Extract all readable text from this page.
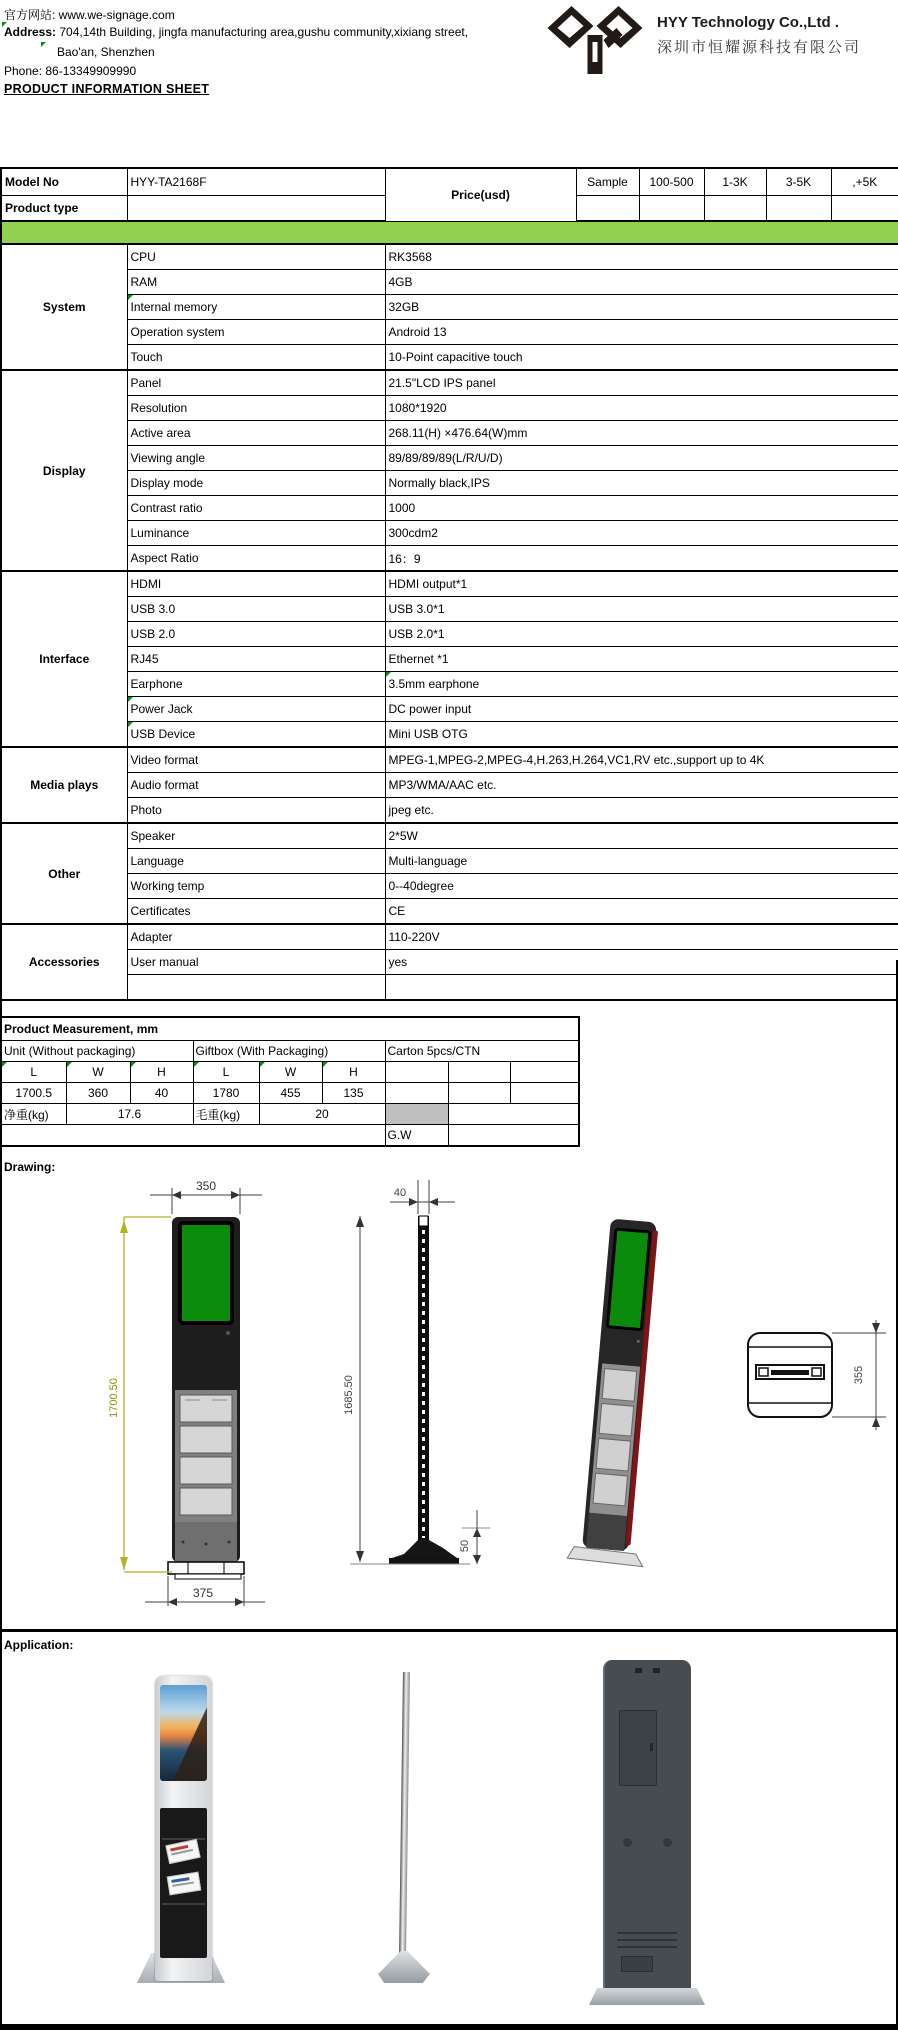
官方网站: www.we-signage.com
Address: 704,14th Building, jingfa manufacturing area,gushu community,xixiang street,
Bao'an, Shenzhen
Phone: 86-13349909990
PRODUCT INFORMATION SHEET
HYY Technology Co.,Ltd .
深圳市恒耀源科技有限公司
Model No	HYY-TA2168F	Price(usd)	Sample	100-500	1-3K	3-5K	,+5K
Product type							

System	CPU	RK3568					
	RAM	4GB					
	Internal memory	32GB					
	Operation system	Android 13					
	Touch	10-Point capacitive touch					
Display	Panel	21.5"LCD IPS panel					
	Resolution	1080*1920					
	Active area	268.11(H) ×476.64(W)mm					
	Viewing angle	89/89/89/89(L/R/U/D)					
	Display mode	Normally black,IPS					
	Contrast ratio	1000					
	Luminance	300cdm2					
	Aspect Ratio	16：9					
Interface	HDMI	HDMI output*1					
	USB 3.0	USB 3.0*1					
	USB 2.0	USB 2.0*1					
	RJ45	Ethernet *1					
	Earphone	3.5mm earphone					
	Power Jack	DC power input					
	USB Device	Mini USB OTG					
Media plays	Video format	MPEG-1,MPEG-2,MPEG-4,H.263,H.264,VC1,RV etc.,support up to 4K					
	Audio format	MP3/WMA/AAC etc.					
	Photo	jpeg etc.					
Other	Speaker	2*5W					
	Language	Multi-language					
	Working temp	0--40degree					
	Certificates	CE					
Accessories	Adapter	110-220V					
	User manual	yes					

Product Measurement, mm								
Unit (Without packaging)			Giftbox (With Packaging)			Carton 5pcs/CTN		
L	W	H	L	W	H			
1700.5	360	40	1780	455	135			
净重(kg)	17.6		毛重(kg)	20				
						G.W		
Drawing:
350
375
1700.50
40
1685.50
50
355
Application:
